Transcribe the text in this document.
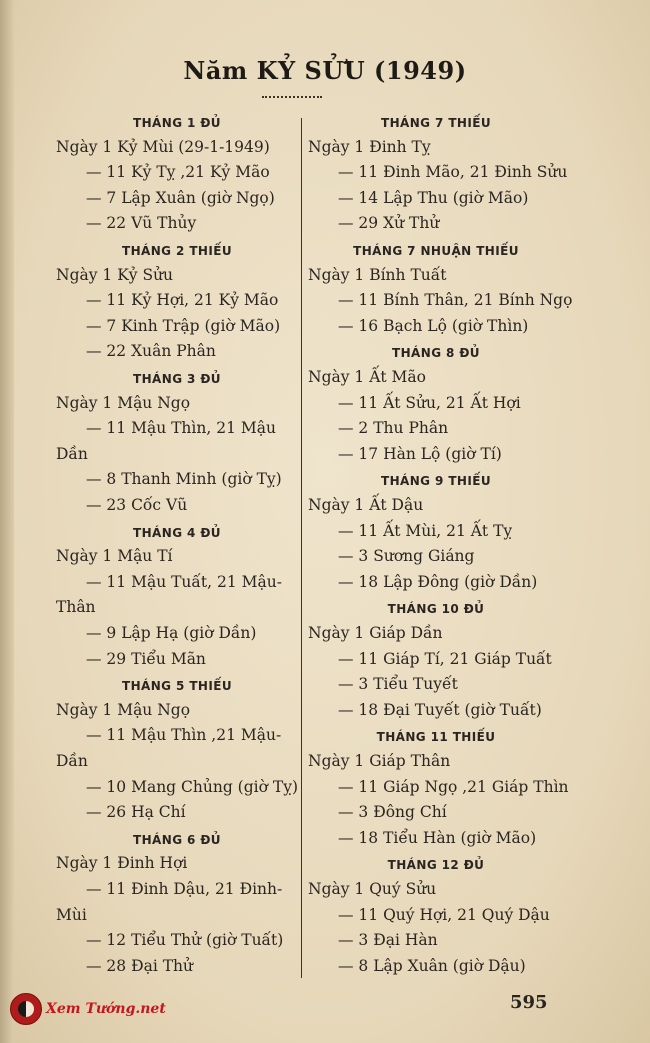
Năm KỶ SỬU (1949)
THÁNG 1 ĐỦ
Ngày 1 Kỷ Mùi (29-1-1949)
— 11 Kỷ Tỵ ,21 Kỷ Mão
— 7 Lập Xuân (giờ Ngọ)
— 22 Vũ Thủy
THÁNG 2 THIẾU
Ngày 1 Kỷ Sửu
— 11 Kỷ Hợi, 21 Kỷ Mão
— 7 Kinh Trập (giờ Mão)
— 22 Xuân Phân
THÁNG 3 ĐỦ
Ngày 1 Mậu Ngọ
— 11 Mậu Thìn, 21 Mậu
Dần
— 8 Thanh Minh (giờ Tỵ)
— 23 Cốc Vũ
THÁNG 4 ĐỦ
Ngày 1 Mậu Tí
— 11 Mậu Tuất, 21 Mậu-
Thân
— 9 Lập Hạ (giờ Dần)
— 29 Tiểu Mãn
THÁNG 5 THIẾU
Ngày 1 Mậu Ngọ
— 11 Mậu Thìn ,21 Mậu-
Dần
— 10 Mang Chủng (giờ Tỵ)
— 26 Hạ Chí
THÁNG 6 ĐỦ
Ngày 1 Đinh Hợi
— 11 Đinh Dậu, 21 Đinh-
Mùi
— 12 Tiểu Thử (giờ Tuất)
— 28 Đại Thử
THÁNG 7 THIẾU
Ngày 1 Đinh Tỵ
— 11 Đinh Mão, 21 Đinh Sửu
— 14 Lập Thu (giờ Mão)
— 29 Xử Thử
THÁNG 7 NHUẬN THIẾU
Ngày 1 Bính Tuất
— 11 Bính Thân, 21 Bính Ngọ
— 16 Bạch Lộ (giờ Thìn)
THÁNG 8 ĐỦ
Ngày 1 Ất Mão
— 11 Ất Sửu, 21 Ất Hợi
— 2 Thu Phân
— 17 Hàn Lộ (giờ Tí)
THÁNG 9 THIẾU
Ngày 1 Ất Dậu
— 11 Ất Mùi, 21 Ất Tỵ
— 3 Sương Giáng
— 18 Lập Đông (giờ Dần)
THÁNG 10 ĐỦ
Ngày 1 Giáp Dần
— 11 Giáp Tí, 21 Giáp Tuất
— 3 Tiểu Tuyết
— 18 Đại Tuyết (giờ Tuất)
THÁNG 11 THIẾU
Ngày 1 Giáp Thân
— 11 Giáp Ngọ ,21 Giáp Thìn
— 3 Đông Chí
— 18 Tiểu Hàn (giờ Mão)
THÁNG 12 ĐỦ
Ngày 1 Quý Sửu
— 11 Quý Hợi, 21 Quý Dậu
— 3 Đại Hàn
— 8 Lập Xuân (giờ Dậu)
Xem Tướng.net	595
